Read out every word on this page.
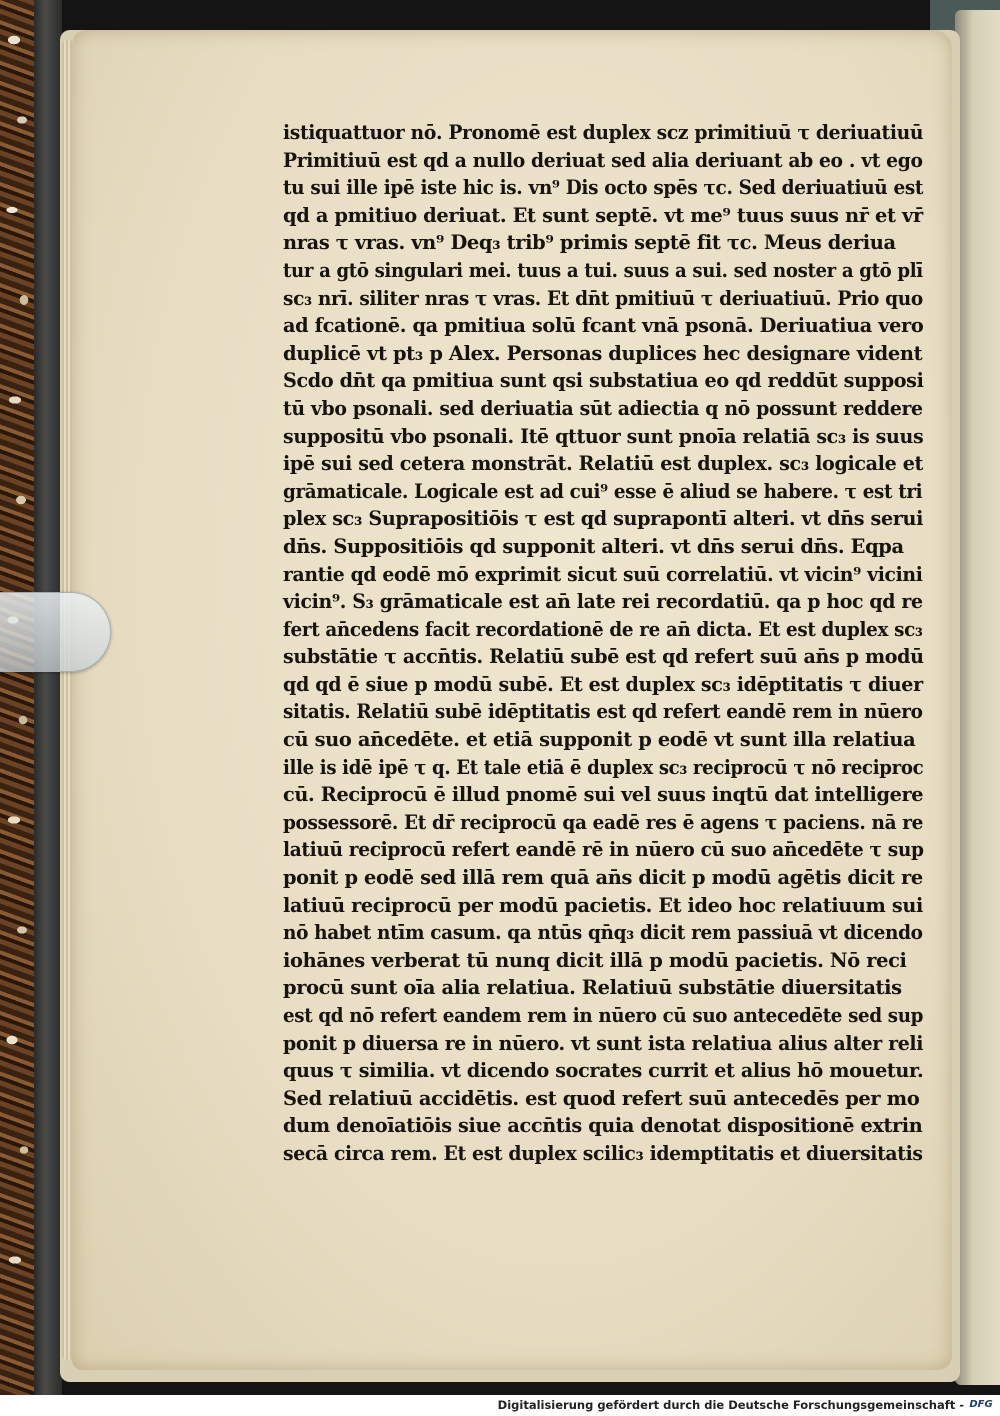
istiquattuor nō. Pronomē est duplex scz primitiuū τ deriuatiuū
Primitiuū est qd a nullo deriuat sed alia deriuant ab eo . vt ego
tu sui ille ipē iste hic is. vn⁹ Dis octo spēs τc. Sed deriuatiuū est
qd a pmitiuo deriuat. Et sunt septē. vt me⁹ tuus suus nr̄ et vr̄
nras τ vras. vn⁹ Deq₃ trib⁹ primis septē fit τc. Meus deriua
tur a gtō singulari mei. tuus a tui. suus a sui. sed noster a gtō plī
sc₃ nrī. siliter nras τ vras. Et dn̄t pmitiuū τ deriuatiuū. Prio quo
ad fcationē. qa pmitiua solū fcant vnā psonā. Deriuatiua vero
duplicē vt pt₃ p Alex. Personas duplices hec designare vident
Scdo dn̄t qa pmitiua sunt qsi substatiua eo qd reddūt supposi
tū vbo psonali. sed deriuatia sūt adiectia q nō possunt reddere
suppositū vbo psonali. Itē qttuor sunt pnoīa relatiā sc₃ is suus
ipē sui sed cetera monstrāt. Relatiū est duplex. sc₃ logicale et
grāmaticale. Logicale est ad cui⁹ esse ē aliud se habere. τ est tri
plex sc₃ Suprapositiōis τ est qd suprapontī alteri. vt dn̄s serui
dn̄s. Suppositiōis qd supponit alteri. vt dn̄s serui dn̄s. Eqpa
rantie qd eodē mō exprimit sicut suū correlatiū. vt vicin⁹ vicini
vicin⁹. S₃ grāmaticale est an̄ late rei recordatiū. qa p hoc qd re
fert an̄cedens facit recordationē de re an̄ dicta. Et est duplex sc₃
substātie τ accn̄tis. Relatiū subē est qd refert suū an̄s p modū
qd qd ē siue p modū subē. Et est duplex sc₃ idēptitatis τ diuer
sitatis. Relatiū subē idēptitatis est qd refert eandē rem in nūero
cū suo an̄cedēte. et etiā supponit p eodē vt sunt illa relatiua
ille is idē ipē τ q. Et tale etiā ē duplex sc₃ reciprocū τ nō reciproc
cū. Reciprocū ē illud pnomē sui vel suus inqtū dat intelligere
possessorē. Et dr̄ reciprocū qa eadē res ē agens τ paciens. nā re
latiuū reciprocū refert eandē rē in nūero cū suo an̄cedēte τ sup
ponit p eodē sed illā rem quā an̄s dicit p modū agētis dicit re
latiuū reciprocū per modū pacietis. Et ideo hoc relatiuum sui
nō habet ntīm casum. qa ntūs qn̄q₃ dicit rem passiuā vt dicendo
iohānes verberat tū nunq dicit illā p modū pacietis. Nō reci
procū sunt oīa alia relatiua. Relatiuū substātie diuersitatis
est qd nō refert eandem rem in nūero cū suo antecedēte sed sup
ponit p diuersa re in nūero. vt sunt ista relatiua alius alter reli
quus τ similia. vt dicendo socrates currit et alius hō mouetur.
Sed relatiuū accidētis. est quod refert suū antecedēs per mo
dum denoīatiōis siue accn̄tis quia denotat dispositionē extrin
secā circa rem. Et est duplex scilic₃ idemptitatis et diuersitatis
Digitalisierung gefördert durch die Deutsche Forschungsgemeinschaft - DFG
